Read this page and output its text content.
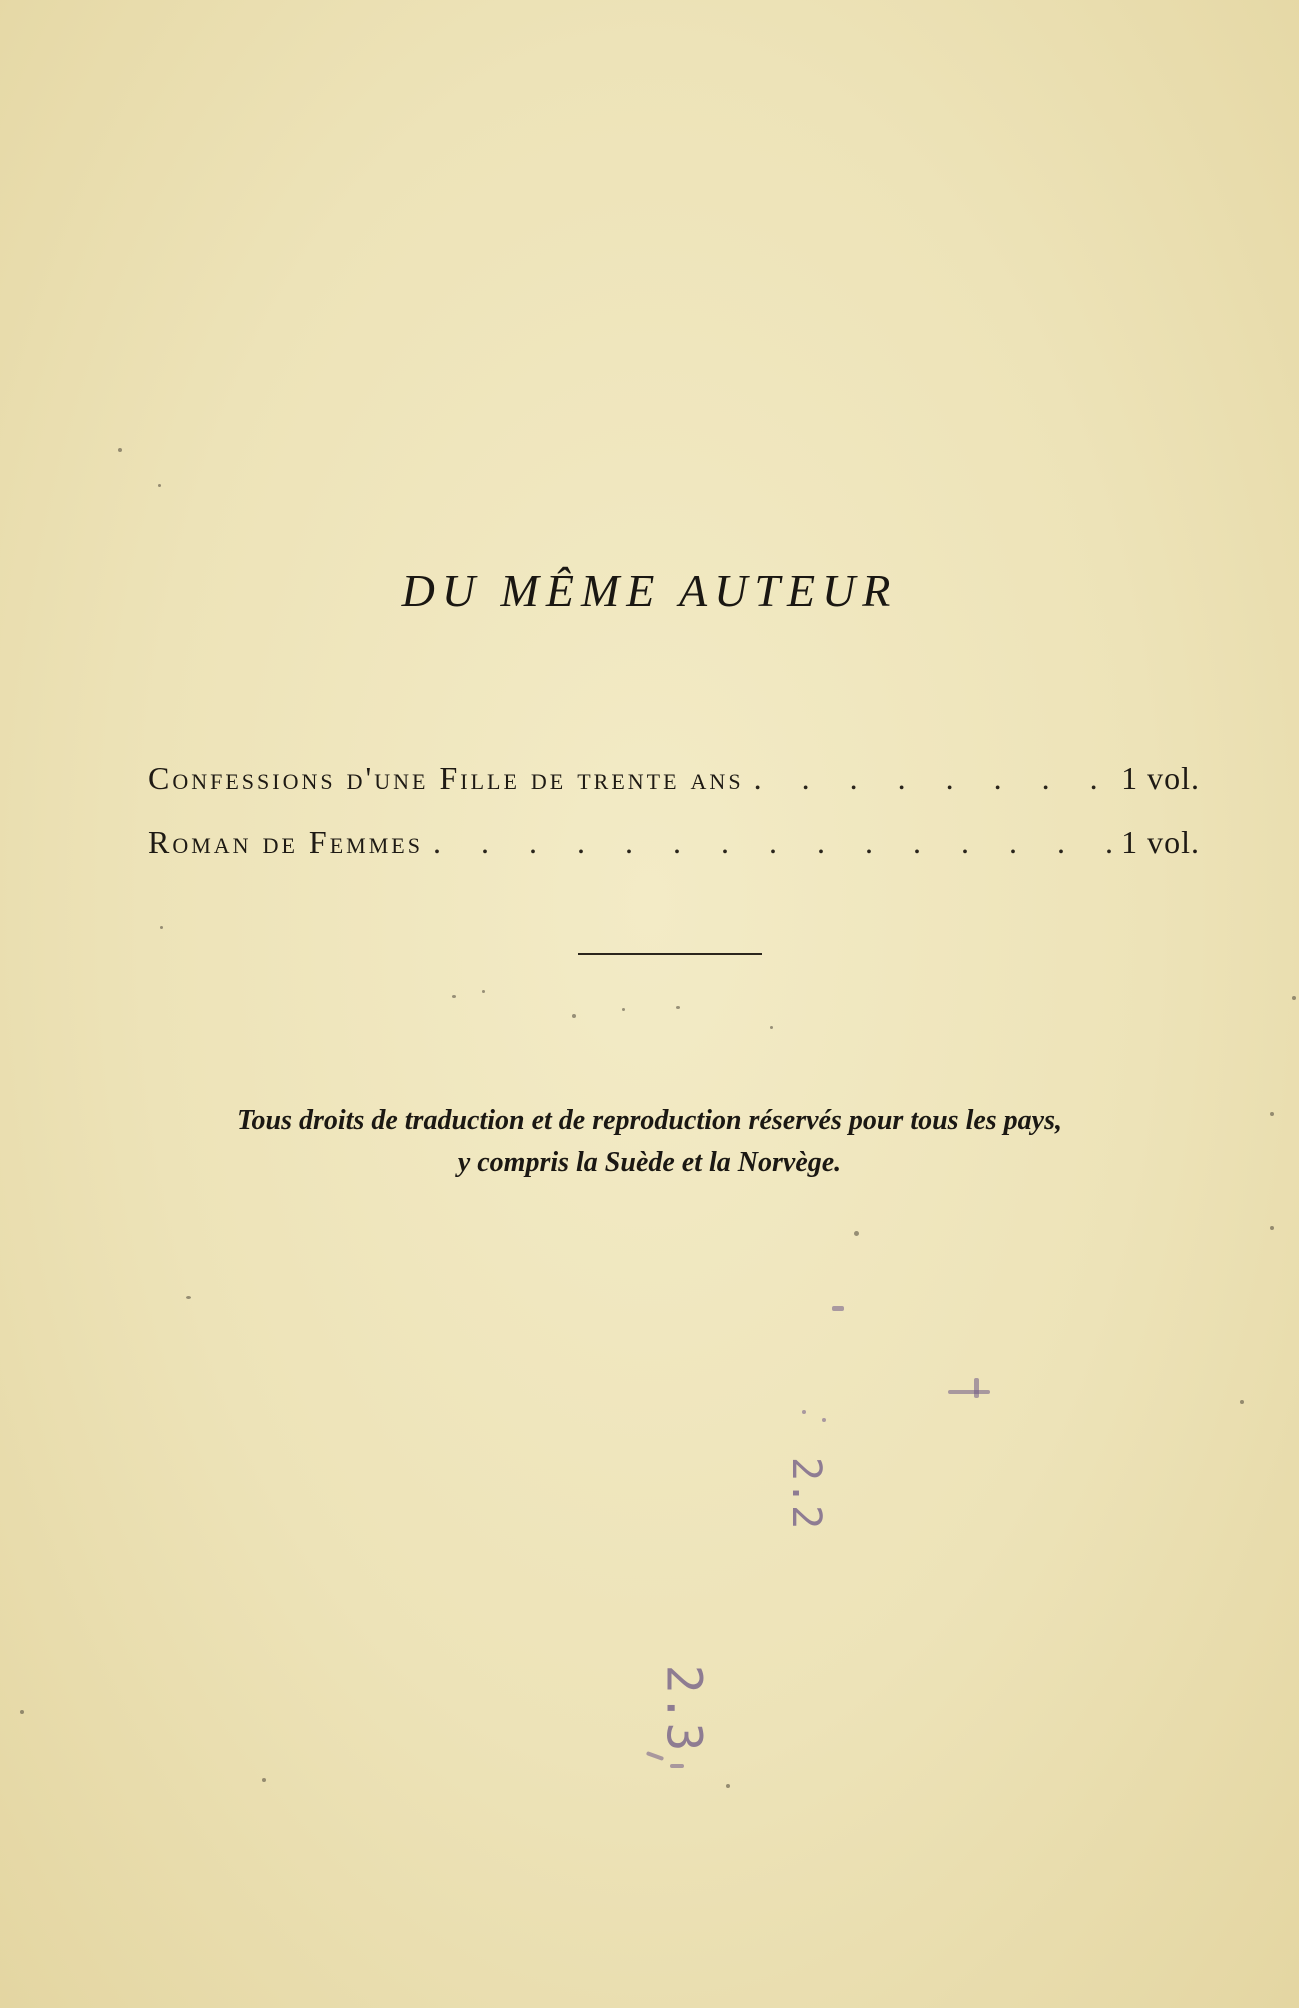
DU MÊME AUTEUR
Confessions d'une Fille de trente ans . . .	1 vol.
Roman de Femmes . . .	1 vol.
Tous droits de traduction et de reproduction réservés pour tous les pays,
y compris la Suède et la Norvège.
2.2
2.3
